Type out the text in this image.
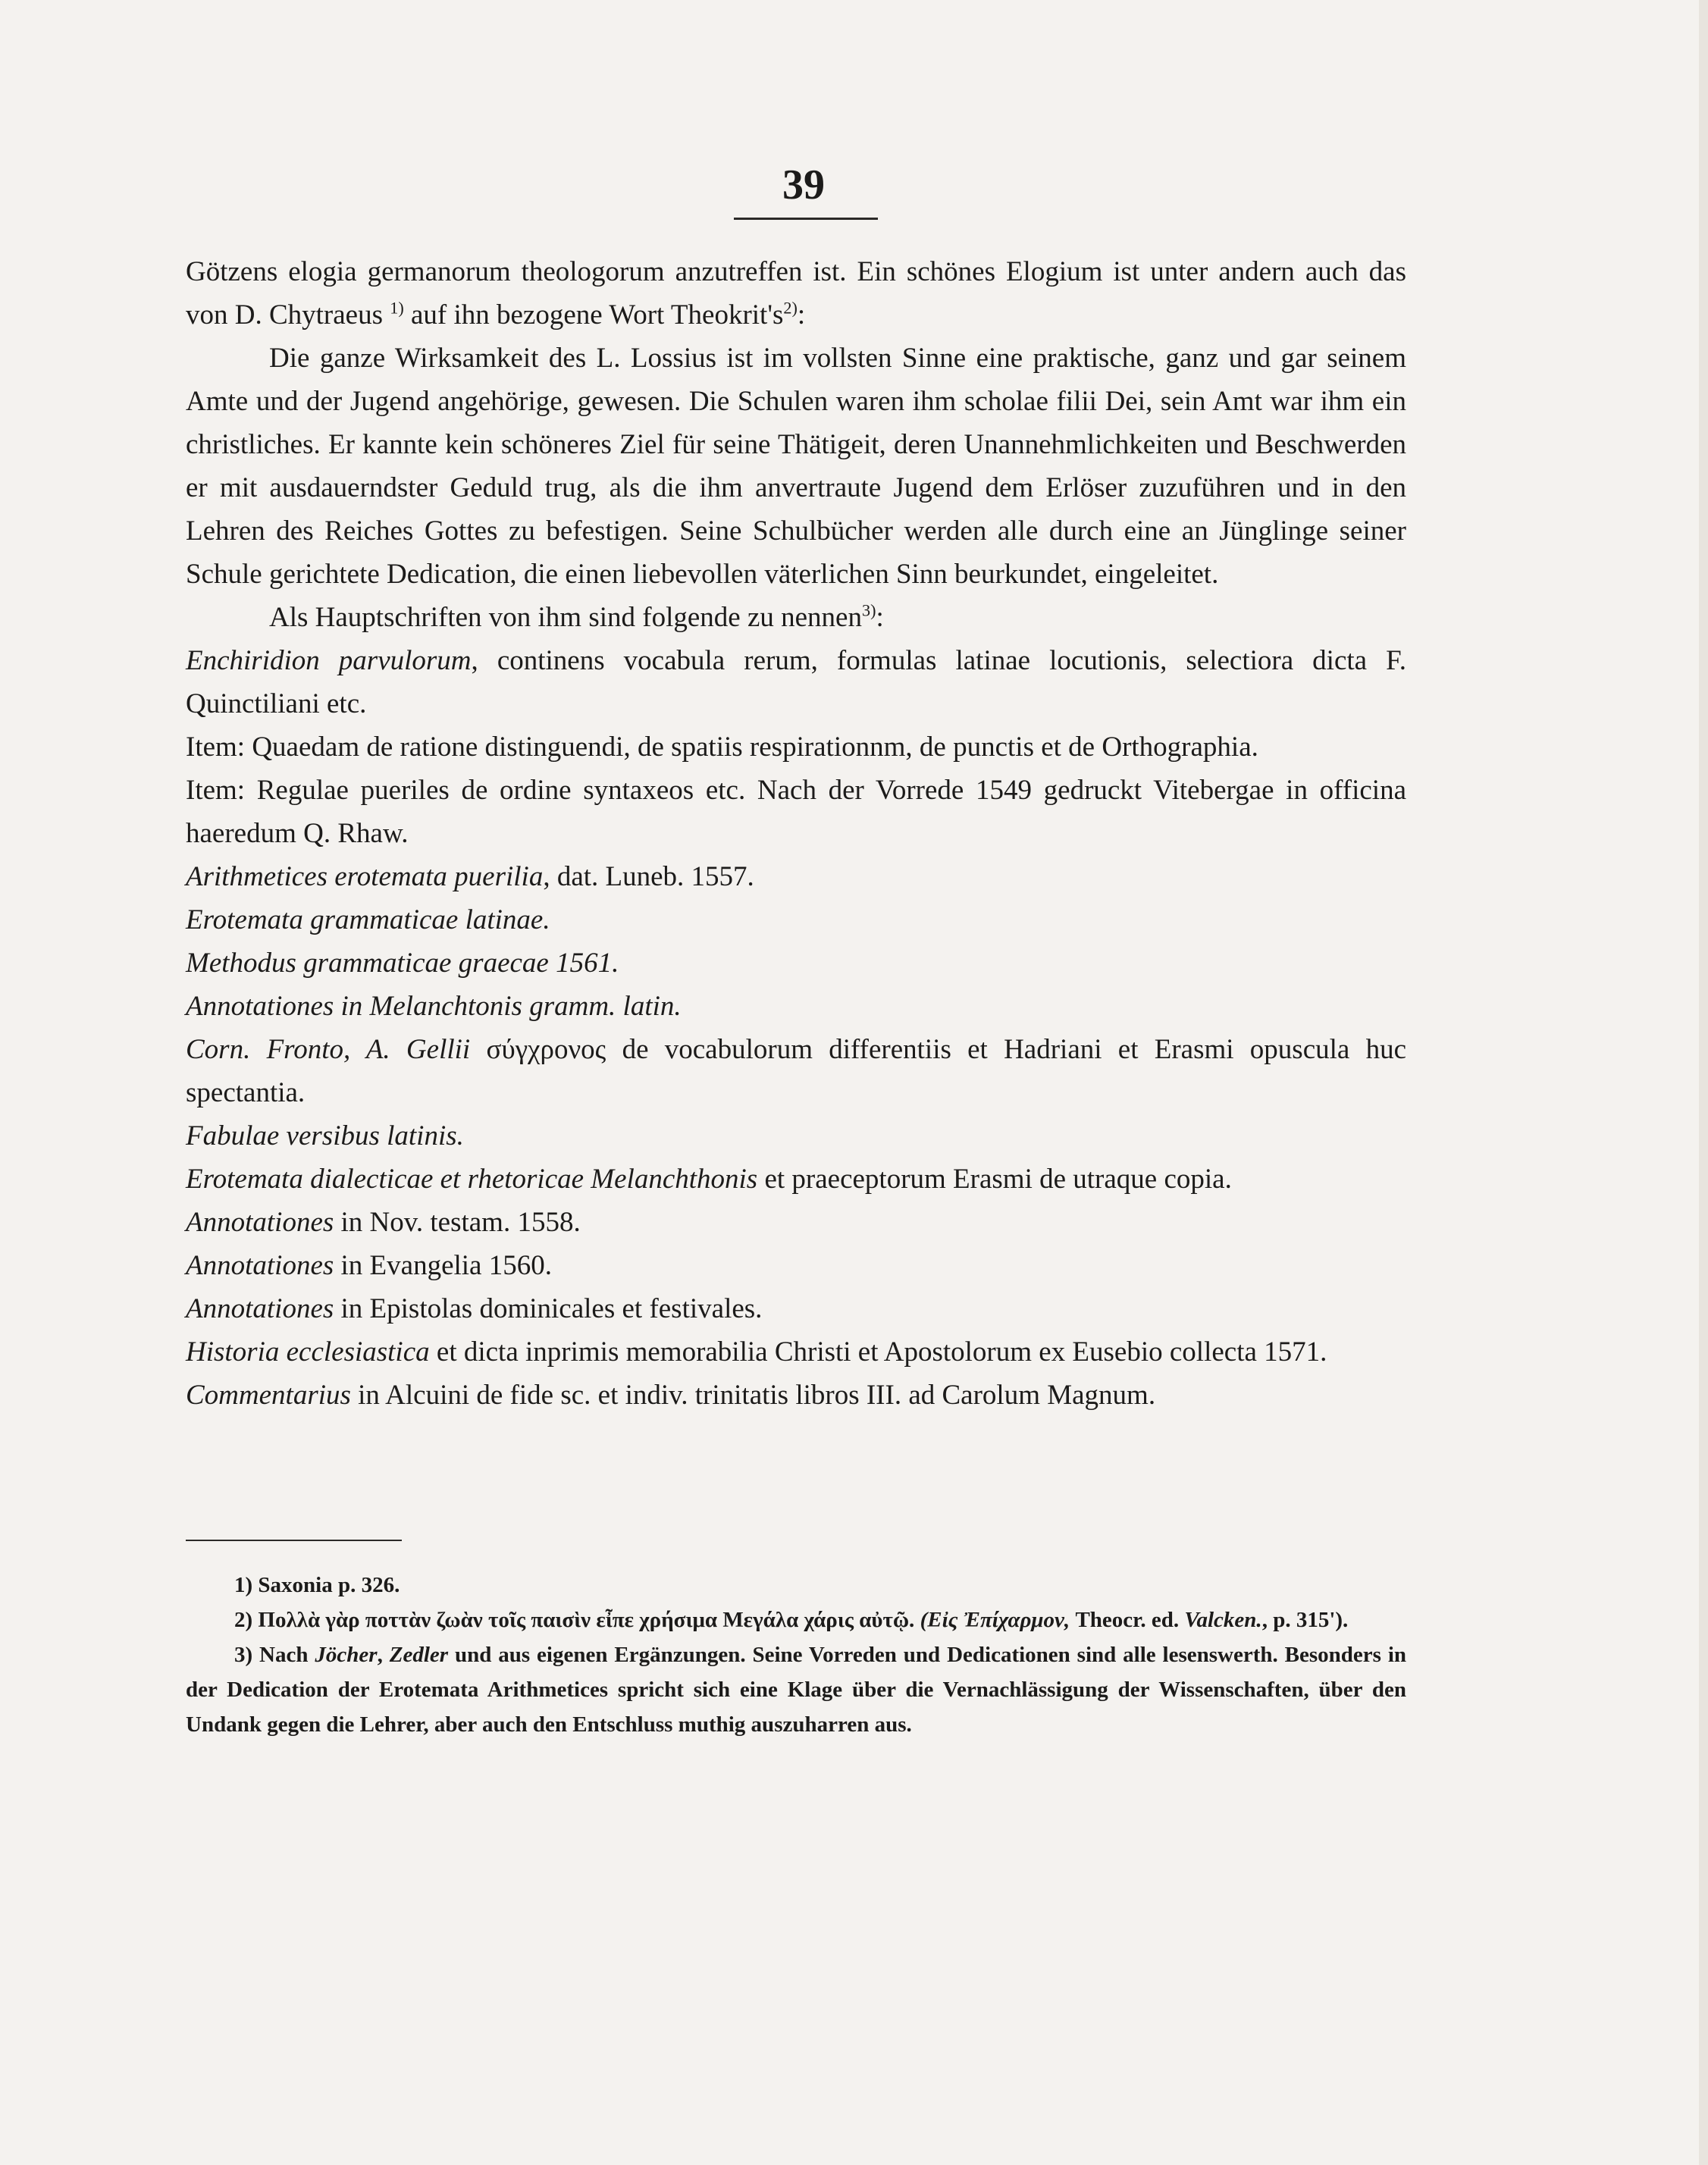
39

Götzens elogia germanorum theologorum anzutreffen ist. Ein schönes Elogium ist unter andern auch das von D. Chytraeus $^{1)}$ auf ihn bezogene Wort $Theokrit's^{2)}$:

Die ganze Wirksamkeit des L. Lossius ist im vollsten Sinne eine praktische, ganz und gar seinem Amte und der Jugend angehörige, gewesen. Die Schulen waren ihm scholae filii Dei, sein Amt war ihm ein christliches. Er kannte kein schöneres Ziel für seine Thätigeit, deren Unannehmlichkeiten und Beschwerden er mit ausdauerndster Geduld trug, als die ihm anvertraute Jugend dem Erlöser zuzuführen und in den Lehren des Reiches Gottes zu befestigen. Seine Schulbücher werden alle durch eine an Jünglinge seiner Schule gerichtete Dedication, die einen liebevollen väterlichen Sinn beurkundet, eingeleitet.

Als Hauptschriften von ihm sind folgende zu nennen$^{3)}$:

Enchiridion parvulorum, continens vocabula rerum, formulas latinae locutionis, selectiora dicta F. Quinctiliani etc.

Item: Quaedam de ratione distinguendi, de spatiis respirationnm, de punctis et de Orthographia.

Item: Regulae pueriles de ordine syntaxeos etc. Nach der Vorrede 1549 gedruckt Vitebergae in officina haeredum Q. Rhaw.

Arithmetices erotemata puerilia, dat. Luneb. 1557.

Erotemata grammaticae latinae.

Methodus grammaticae graecae 1561.

Annotationes in Melanchtonis gramm. latin.

Corn. Fronto, A. Gellii σύγχρονος de vocabulorum differentiis et Hadriani et Erasmi opuscula huc spectantia.

Fabulae versibus latinis.

Erotemata dialecticae et rhetoricae Melanchthonis et praeceptorum Erasmi de utraque copia.

Annotationes in Nov. testam. 1558.

Annotationes in Evangelia 1560.

Annotationes in Epistolas dominicales et festivales.

Historia ecclesiastica et dicta inprimis memorabilia Christi et Apostolorum ex Eusebio collecta 1571.

Commentarius in Alcuini de fide sc. et indiv. trinitatis libros III. ad Carolum Magnum.

1) Saxonia p. 326.

2) Πολλὰ γὰρ ποττὰν ζωὰν τοῖς παισὶν εἶπε χρήσιμα Μεγάλα χάρις αὐτῷ. (Εἰς Ἐπίχαρμον, Theocr. ed. Valcken., p. 315').

3) Nach Jöcher, Zedler und aus eigenen Ergänzungen. Seine Vorreden und Dedicationen sind alle lesenswerth. Besonders in der Dedication der Erotemata Arithmetices spricht sich eine Klage über die Vernachlässigung der Wissenschaften, über den Undank gegen die Lehrer, aber auch den Entschluss muthig auszuharren aus.
